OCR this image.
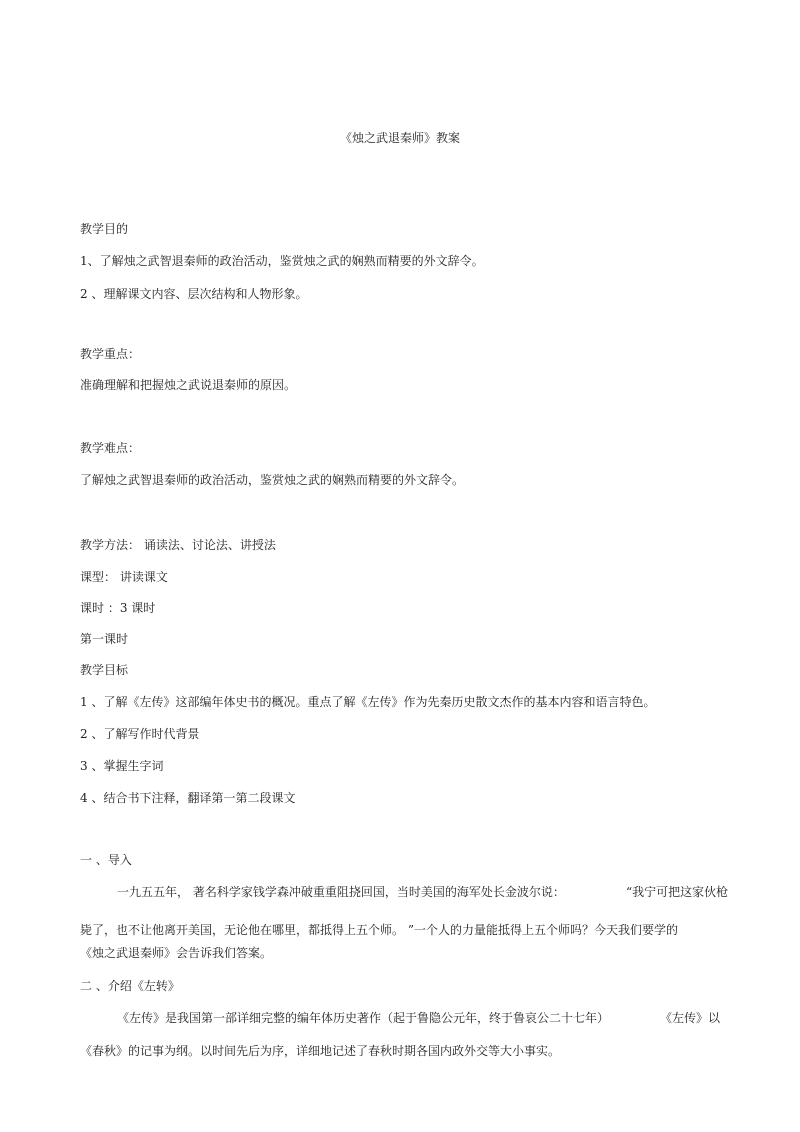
《烛之武退秦师》教案
教学目的
1、了解烛之武智退秦师的政治活动，鉴赏烛之武的娴熟而精要的外文辞令。
2 、理解课文内容、层次结构和人物形象。
教学重点：
准确理解和把握烛之武说退秦师的原因。
教学难点：
了解烛之武智退秦师的政治活动，鉴赏烛之武的娴熟而精要的外文辞令。
教学方法： 诵读法、讨论法、讲授法
课型： 讲读课文
课时 ：3 课时
第一课时
教学目标
1 、了解《左传》这部编年体史书的概况。重点了解《左传》作为先秦历史散文杰作的基本内容和语言特色。
2 、了解写作时代背景
3 、掌握生字词
4 、结合书下注释，翻译第一第二段课文
一 、导入
一九五五年， 著名科学家钱学森冲破重重阻挠回国，当时美国的海军处长金波尔说：	“我宁可把这家伙枪
毙了，也不让他离开美国，无论他在哪里，都抵得上五个师。 ”一个人的力量能抵得上五个师吗？今天我们要学的
《烛之武退秦师》会告诉我们答案。
二 、介绍《左转》
《左传》是我国第一部详细完整的编年体历史著作（起于鲁隐公元年，终于鲁哀公二十七年）	《左传》以
《春秋》的记事为纲。以时间先后为序，详细地记述了春秋时期各国内政外交等大小事实。
